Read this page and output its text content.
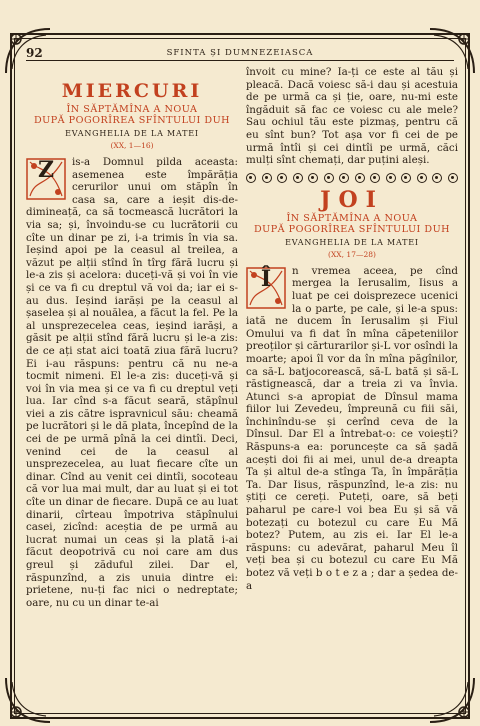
92	SFINTA ȘI DUMNEZEIASCA
MIERCURI
ÎN SĂPTĂMÎNA A NOUA
DUPĂ POGORÎREA SFÎNTULUI DUH
EVANGHELIA DE LA MATEI
(XX, 1—16)
Z	is-a Domnul pilda aceasta: asemenea este împărăția cerurilor unui om stăpîn în casa sa, care a ieșit dis-de-dimineață, ca să tocmească lucrători la via sa; și, învoindu-se cu lucrătorii cu cîte un dinar pe zi, i-a trimis în via sa. Ieșind apoi pe la ceasul al treilea, a văzut pe alții stînd în tîrg fără lucru și le-a zis și acelora: duceți-vă și voi în vie și ce va fi cu dreptul vă voi da; iar ei s-au dus. Ieșind iarăși pe la ceasul al șaselea și al nouălea, a făcut la fel. Pe la al unsprezecelea ceas, ieșind iarăși, a găsit pe alții stînd fără lucru și le-a zis: de ce ați stat aici toată ziua fără lucru? Ei i-au răspuns: pentru că nu ne-a tocmit nimeni. El le-a zis: duceți-vă și voi în via mea și ce va fi cu dreptul veți lua. Iar cînd s-a făcut seară, stăpînul viei a zis către ispravnicul său: cheamă pe lucrători și le dă plata, începînd de la cei de pe urmă pînă la cei dintîi. Deci, venind cei de la ceasul al unsprezecelea, au luat fiecare cîte un dinar. Cînd au venit cei dintîi, socoteau că vor lua mai mult, dar au luat și ei tot cîte un dinar de fiecare. După ce au luat dinarii, cîrteau împotriva stăpînului casei, zicînd: aceștia de pe urmă au lucrat numai un ceas și la plată i-ai făcut deopotrivă cu noi care am dus greul și zăduful zilei. Dar el, răspunzînd, a zis unuia dintre ei: prietene, nu-ți fac nici o nedreptate; oare, nu cu un dinar te-ai

învoit cu mine? Ia-ți ce este al tău și pleacă. Dacă voiesc să-i dau și acestuia de pe urmă ca și ție, oare, nu-mi este îngăduit să fac ce voiesc cu ale mele? Sau ochiul tău este pizmaș, pentru că eu sînt bun? Tot așa vor fi cei de pe urmă întîi și cei dintîi pe urmă, căci mulți sînt chemați, dar puțini aleși.

JOI
ÎN SĂPTĂMÎNA A NOUA
DUPĂ POGORÎREA SFÎNTULUI DUH
EVANGHELIA DE LA MATEI
(XX, 17—28)
Î	n vremea aceea, pe cînd mergea la Ierusalim, Iisus a luat pe cei doisprezece ucenici la o parte, pe cale, și le-a spus: iată ne ducem în Ierusalim și Fiul Omului va fi dat în mîna căpeteniilor preoților și cărturarilor și-L vor osîndi la moarte; apoi îl vor da în mîna păgînilor, ca să-L batjocorească, să-L bată și să-L răstignească, dar a treia zi va învia. Atunci s-a apropiat de Dînsul mama fiilor lui Zevedeu, împreună cu fiii săi, închinîndu-se și cerînd ceva de la Dînsul. Dar El a întrebat-o: ce voiești? Răspuns-a ea: poruncește ca să șadă acești doi fii ai mei, unul de-a dreapta Ta și altul de-a stînga Ta, în împărăția Ta. Dar Iisus, răspunzînd, le-a zis: nu știți ce cereți. Puteți, oare, să beți paharul pe care-l voi bea Eu și să vă botezați cu botezul cu care Eu Mă botez? Putem, au zis ei. Iar El le-a răspuns: cu adevărat, paharul Meu îl veți bea și cu botezul cu care Eu Mă botez vă veți b o t e z a ; dar a ședea de-a
